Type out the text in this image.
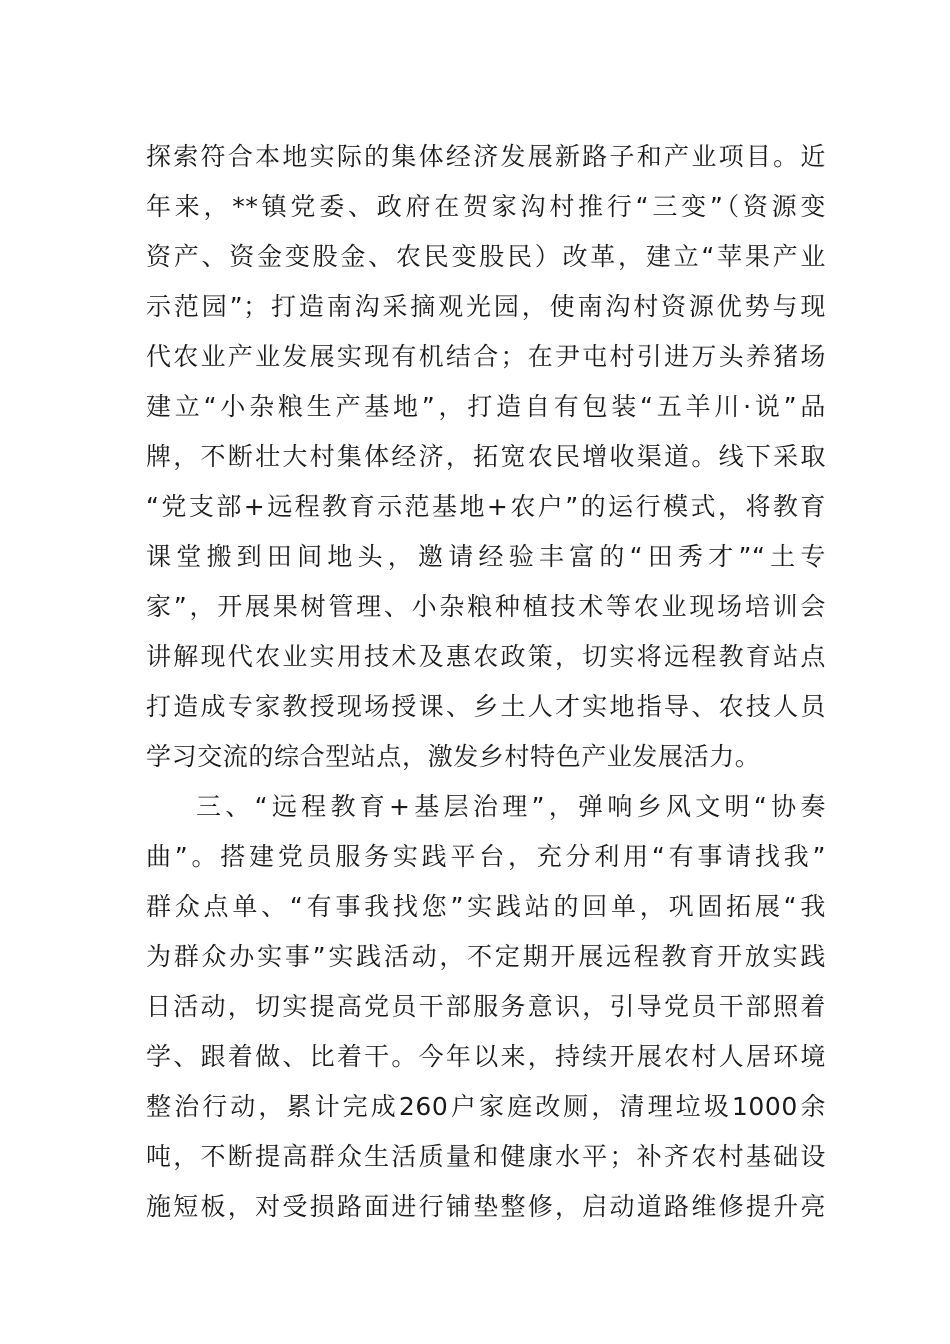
探索符合本地实际的集体经济发展新路子和产业项目。近
年来，**镇党委、政府在贺家沟村推行“三变”（资源变
资产、资金变股金、农民变股民）改革，建立“苹果产业
示范园”；打造南沟采摘观光园，使南沟村资源优势与现
代农业产业发展实现有机结合；在尹屯村引进万头养猪场
建立“小杂粮生产基地”，打造自有包装“五羊川·说”品
牌，不断壮大村集体经济，拓宽农民增收渠道。线下采取
“党支部+远程教育示范基地+农户”的运行模式，将教育
课堂搬到田间地头，邀请经验丰富的“田秀才”“土专
家”，开展果树管理、小杂粮种植技术等农业现场培训会
讲解现代农业实用技术及惠农政策，切实将远程教育站点
打造成专家教授现场授课、乡土人才实地指导、农技人员
学习交流的综合型站点，激发乡村特色产业发展活力。
三、“远程教育+基层治理”，弹响乡风文明“协奏
曲”。搭建党员服务实践平台，充分利用“有事请找我”
群众点单、“有事我找您”实践站的回单，巩固拓展“我
为群众办实事”实践活动，不定期开展远程教育开放实践
日活动，切实提高党员干部服务意识，引导党员干部照着
学、跟着做、比着干。今年以来，持续开展农村人居环境
整治行动，累计完成260户家庭改厕，清理垃圾1000余
吨，不断提高群众生活质量和健康水平；补齐农村基础设
施短板，对受损路面进行铺垫整修，启动道路维修提升亮
